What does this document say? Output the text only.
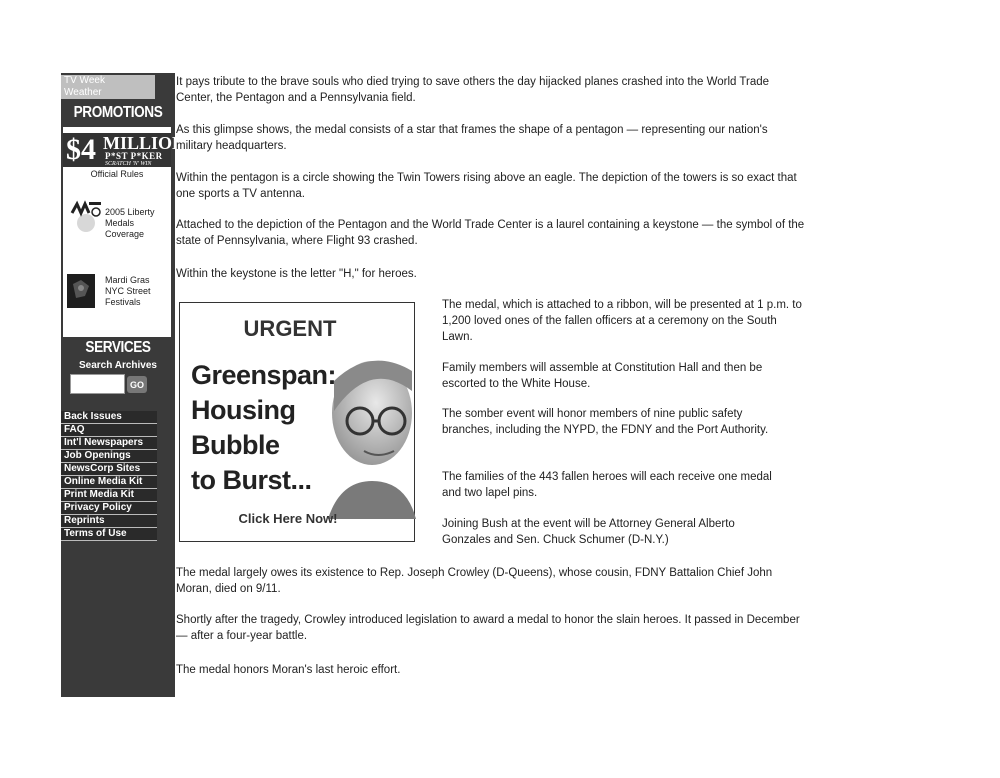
TV Week
Weather
PROMOTIONS
$4 MILLION
P*ST P*KER
SCRATCH 'N' WIN
Official Rules
2005 Liberty Medals Coverage
Mardi Gras NYC Street Festivals
SERVICES
Search Archives
GO
Back Issues
FAQ
Int'l Newspapers
Job Openings
NewsCorp Sites
Online Media Kit
Print Media Kit
Privacy Policy
Reprints
Terms of Use

It pays tribute to the brave souls who died trying to save others the day hijacked planes crashed into the World Trade Center, the Pentagon and a Pennsylvania field.

As this glimpse shows, the medal consists of a star that frames the shape of a pentagon — representing our nation's military headquarters.

Within the pentagon is a circle showing the Twin Towers rising above an eagle. The depiction of the towers is so exact that one sports a TV antenna.

Attached to the depiction of the Pentagon and the World Trade Center is a laurel containing a keystone — the symbol of the state of Pennsylvania, where Flight 93 crashed.

Within the keystone is the letter "H," for heroes.

The medal, which is attached to a ribbon, will be presented at 1 p.m. to 1,200 loved ones of the fallen officers at a ceremony on the South Lawn.

Family members will assemble at Constitution Hall and then be escorted to the White House.

The somber event will honor members of nine public safety branches, including the NYPD, the FDNY and the Port Authority.

The families of the 443 fallen heroes will each receive one medal and two lapel pins.

Joining Bush at the event will be Attorney General Alberto Gonzales and Sen. Chuck Schumer (D-N.Y.)

The medal largely owes its existence to Rep. Joseph Crowley (D-Queens), whose cousin, FDNY Battalion Chief John Moran, died on 9/11.

Shortly after the tragedy, Crowley introduced legislation to award a medal to honor the slain heroes. It passed in December — after a four-year battle.

The medal honors Moran's last heroic effort.

URGENT
Greenspan:
Housing
Bubble
to Burst...
Click Here Now!
